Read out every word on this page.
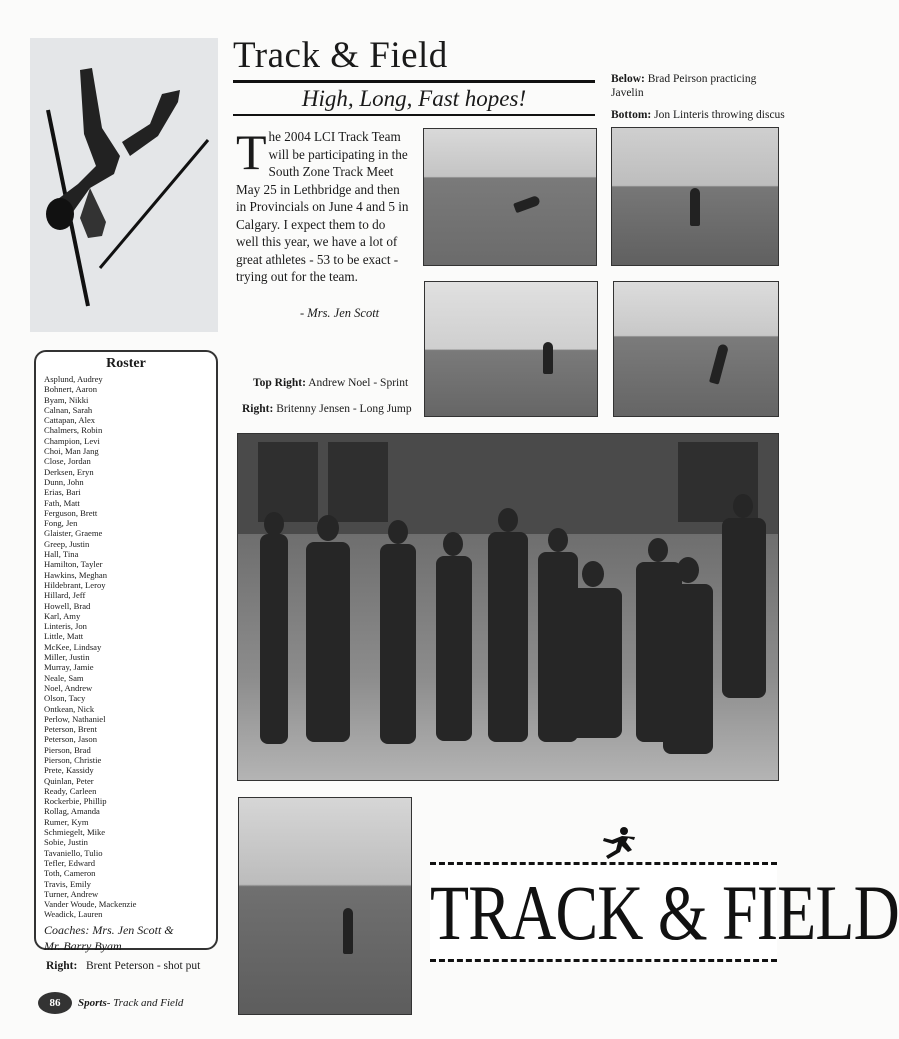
Track & Field
High, Long, Fast hopes!
The 2004 LCI Track Team will be participating in the South Zone Track Meet May 25 in Lethbridge and then in Provincials on June 4 and 5 in Calgary. I expect them to do well this year, we have a lot of great athletes - 53 to be exact - trying out for the team.
- Mrs. Jen Scott
Below: Brad Peirson practicing Javelin
Bottom: Jon Linteris throwing discus
Top Right: Andrew Noel - Sprint
Right: Britenny Jensen - Long Jump
Right: Brent Peterson - shot put
Roster
Asplund, Audrey
Bohnert, Aaron
Byam, Nikki
Calnan, Sarah
Cattapan, Alex
Chalmers, Robin
Champion, Levi
Choi, Man Jang
Close, Jordan
Derksen, Eryn
Dunn, John
Erias, Bari
Fath, Matt
Ferguson, Brett
Fong, Jen
Glaister, Graeme
Greep, Justin
Hall, Tina
Hamilton, Tayler
Hawkins, Meghan
Hildebrant, Leroy
Hillard, Jeff
Howell, Brad
Karl, Amy
Linteris, Jon
Little, Matt
McKee, Lindsay
Miller, Justin
Murray, Jamie
Neale, Sam
Noel, Andrew
Olson, Tacy
Ontkean, Nick
Perlow, Nathaniel
Peterson, Brent
Peterson, Jason
Pierson, Brad
Pierson, Christie
Prete, Kassidy
Quinlan, Peter
Ready, Carleen
Rockerbie, Phillip
Rollag, Amanda
Rumer, Kym
Schmiegelt, Mike
Sobie, Justin
Tavaniello, Tulio
Tefler, Edward
Toth, Cameron
Travis, Emily
Turner, Andrew
Vander Woude, Mackenzie
Weadick, Lauren
Coaches: Mrs. Jen Scott &
Mr. Barry Byam	TRACK & FIELD
86 Sports- Track and Field
